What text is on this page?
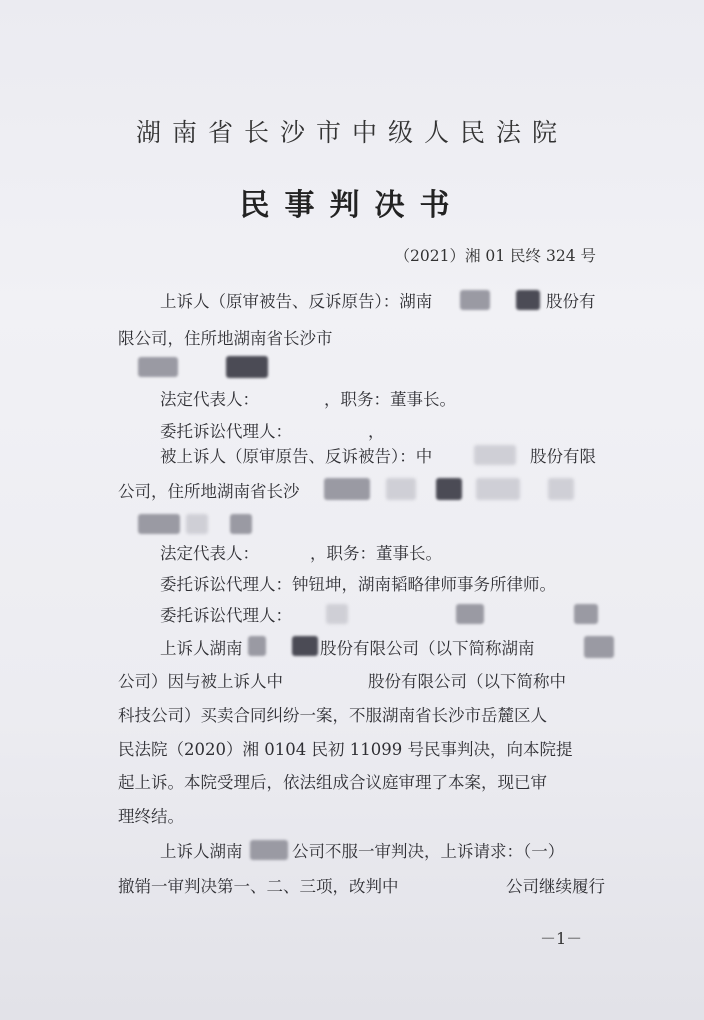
湖南省长沙市中级人民法院
民事判决书
（2021）湘 01 民终 324 号
上诉人（原审被告、反诉原告）：湖南	股份有
限公司，住所地湖南省长沙市
法定代表人：	，职务：董事长。
委托诉讼代理人：	，
被上诉人（原审原告、反诉被告）：中	股份有限
公司，住所地湖南省长沙
法定代表人：	，职务：董事长。
委托诉讼代理人：钟钮坤，湖南韬略律师事务所律师。
委托诉讼代理人：
上诉人湖南	股份有限公司（以下简称湖南
公司）因与被上诉人中	股份有限公司（以下简称中
科技公司）买卖合同纠纷一案，不服湖南省长沙市岳麓区人
民法院（2020）湘 0104 民初 11099 号民事判决，向本院提
起上诉。本院受理后，依法组成合议庭审理了本案，现已审
理终结。
上诉人湖南	公司不服一审判决，上诉请求：（一）
撤销一审判决第一、二、三项，改判中	公司继续履行
－1－
